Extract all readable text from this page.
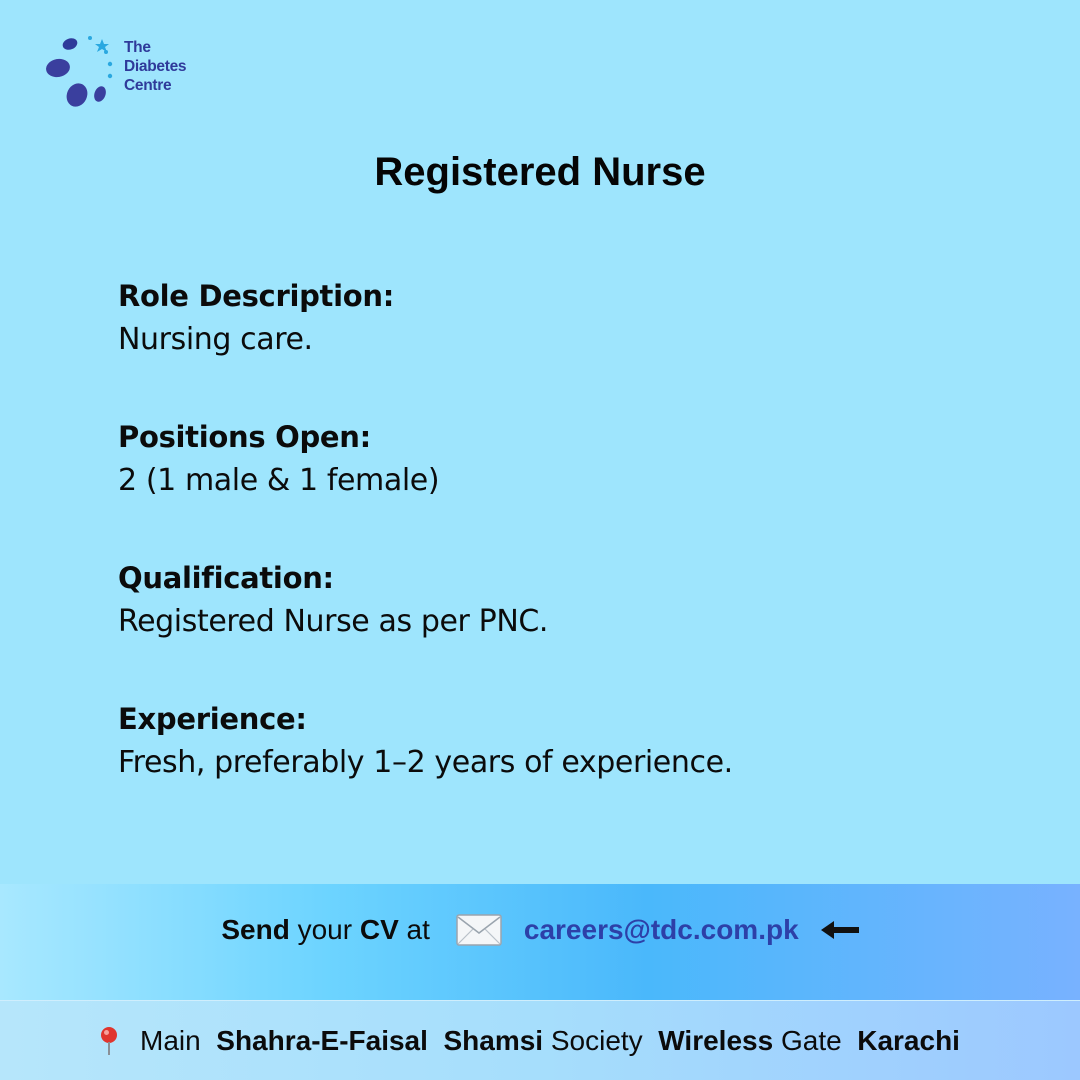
The
Diabetes
Centre
Registered Nurse
Role Description:
Nursing care.
Positions Open:
2 (1 male & 1 female)
Qualification:
Registered Nurse as per PNC.
Experience:
Fresh, preferably 1–2 years of experience.
Send your CV at	careers@tdc.com.pk
Main
Shahra-E-Faisal
Shamsi Society
Wireless Gate
Karachi
